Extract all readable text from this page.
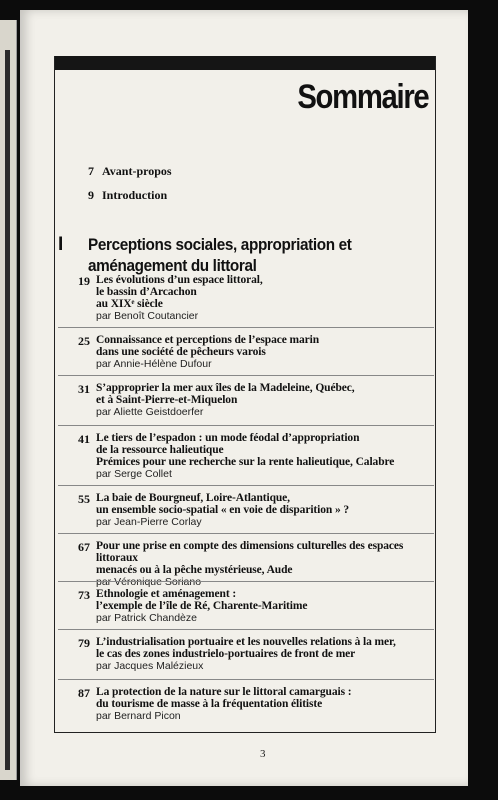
Sommaire
7 Avant-propos
9 Introduction
I Perceptions sociales, appropriation et aménagement du littoral
19 Les évolutions d’un espace littoral,
le bassin d’Arcachon
au XIXᵉ siècle
par Benoît Coutancier
25 Connaissance et perceptions de l’espace marin
dans une société de pêcheurs varois
par Annie-Hélène Dufour
31 S’approprier la mer aux îles de la Madeleine, Québec,
et à Saint-Pierre-et-Miquelon
par Aliette Geistdoerfer
41 Le tiers de l’espadon : un mode féodal d’appropriation
de la ressource halieutique
Prémices pour une recherche sur la rente halieutique, Calabre
par Serge Collet
55 La baie de Bourgneuf, Loire-Atlantique,
un ensemble socio-spatial « en voie de disparition » ?
par Jean-Pierre Corlay
67 Pour une prise en compte des dimensions culturelles des espaces littoraux
menacés ou à la pêche mystérieuse, Aude
par Véronique Soriano
73 Ethnologie et aménagement :
l’exemple de l’île de Ré, Charente-Maritime
par Patrick Chandèze
79 L’industrialisation portuaire et les nouvelles relations à la mer,
le cas des zones industrielo-portuaires de front de mer
par Jacques Malézieux
87 La protection de la nature sur le littoral camarguais :
du tourisme de masse à la fréquentation élitiste
par Bernard Picon
3
